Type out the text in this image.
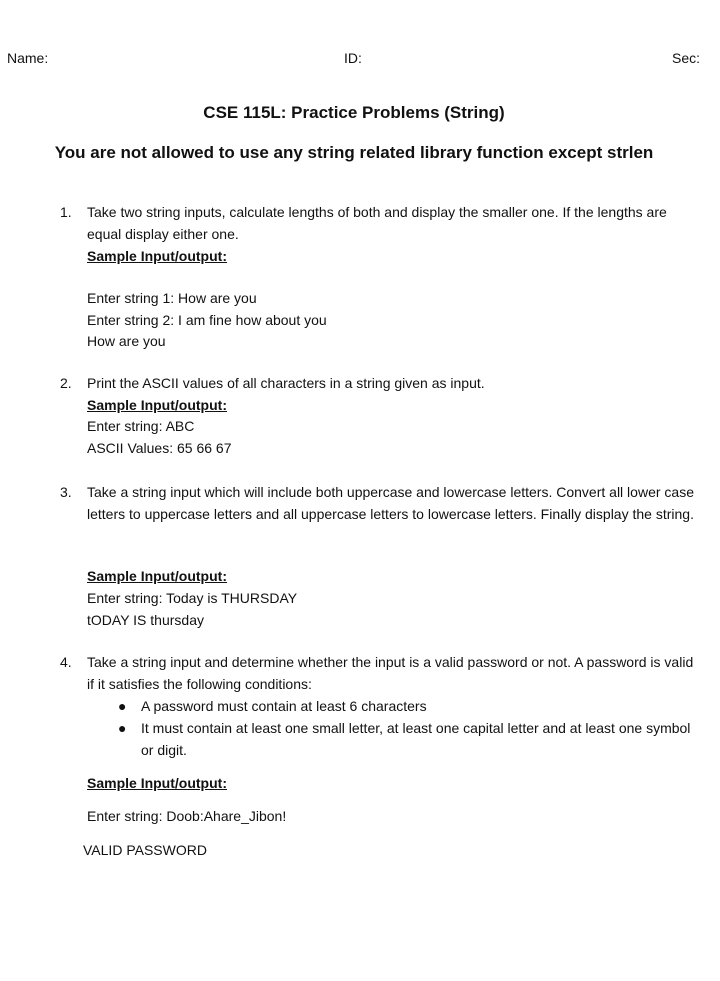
Name:	ID:	Sec:
CSE 115L: Practice Problems (String)
You are not allowed to use any string related library function except strlen
1. Take two string inputs, calculate lengths of both and display the smaller one. If the lengths are equal display either one.
Sample Input/output:
Enter string 1: How are you
Enter string 2: I am fine how about you
How are you
2. Print the ASCII values of all characters in a string given as input.
Sample Input/output:
Enter string: ABC
ASCII Values: 65 66 67
3. Take a string input which will include both uppercase and lowercase letters. Convert all lower case letters to uppercase letters and all uppercase letters to lowercase letters. Finally display the string.
Sample Input/output:
Enter string: Today is THURSDAY
tODAY IS thursday
4. Take a string input and determine whether the input is a valid password or not. A password is valid if it satisfies the following conditions:
● A password must contain at least 6 characters
● It must contain at least one small letter, at least one capital letter and at least one symbol or digit.
Sample Input/output:
Enter string: Doob:Ahare_Jibon!
VALID PASSWORD
